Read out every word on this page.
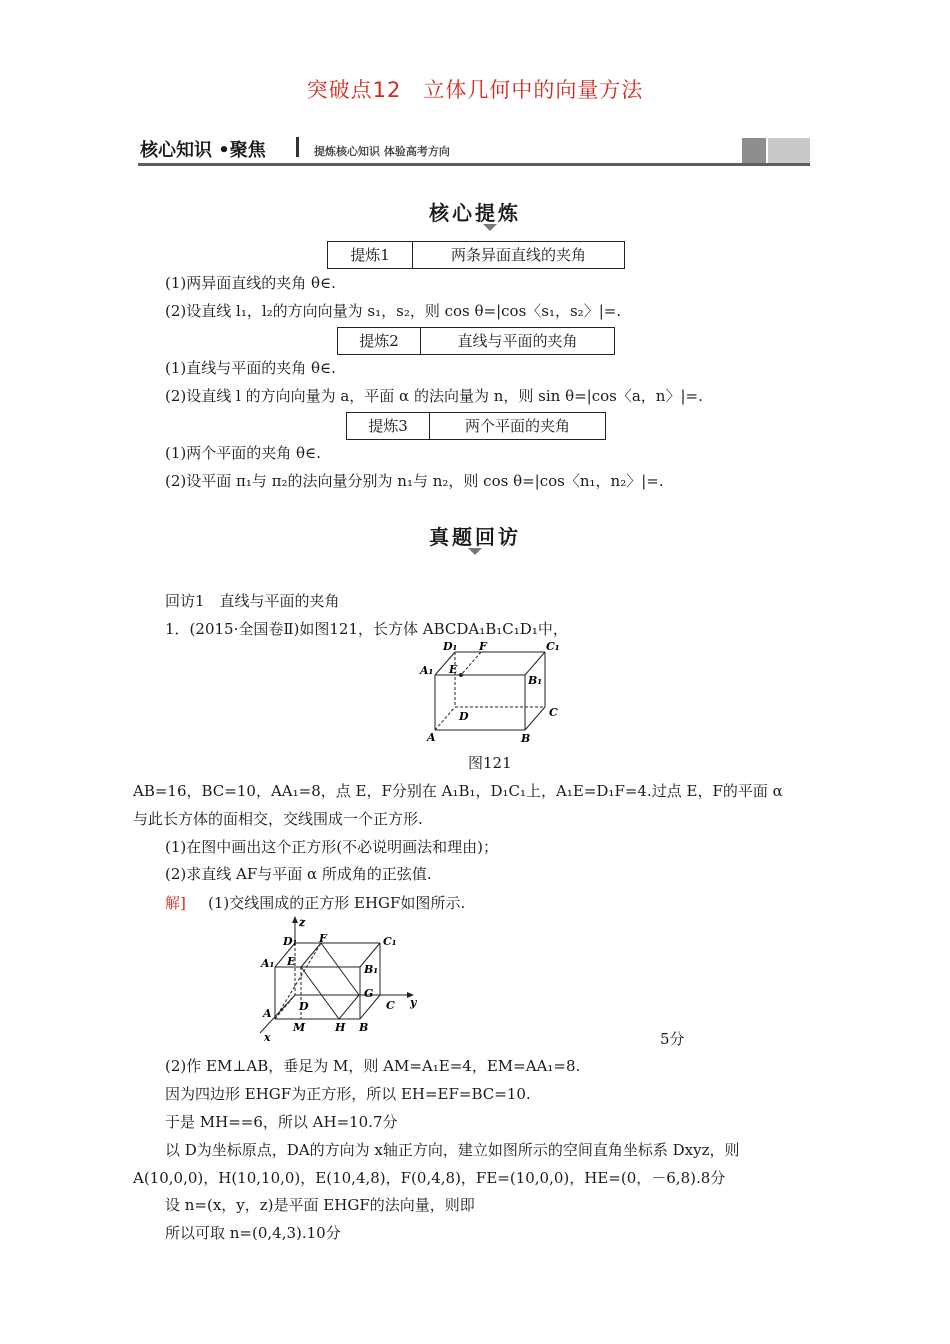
突破点12　立体几何中的向量方法
核心知识 •聚焦	提炼核心知识 体验高考方向
核心提炼
提炼1	两条异面直线的夹角
(1)两异面直线的夹角 θ∈.
(2)设直线 l₁，l₂的方向向量为 s₁，s₂，则 cos θ=|cos〈s₁，s₂〉|=.
提炼2	直线与平面的夹角
(1)直线与平面的夹角 θ∈.
(2)设直线 l 的方向向量为 a，平面 α 的法向量为 n，则 sin θ=|cos〈a，n〉|=.
提炼3	两个平面的夹角
(1)两个平面的夹角 θ∈.
(2)设平面 π₁与 π₂的法向量分别为 n₁与 n₂，则 cos θ=|cos〈n₁，n₂〉|=.
真题回访
回访1　直线与平面的夹角
1．(2015·全国卷Ⅱ)如图121，长方体 ABCDA₁B₁C₁D₁中，
D₁ F	C₁
A₁ E
B₁
D	C
A	B
图121
AB=16，BC=10，AA₁=8，点 E，F分别在 A₁B₁，D₁C₁上，A₁E=D₁F=4.过点 E，F的平面 α
与此长方体的面相交，交线围成一个正方形.
(1)在图中画出这个正方形(不必说明画法和理由)；
(2)求直线 AF与平面 α 所成角的正弦值.
解] (1)交线围成的正方形 EHGF如图所示.
z
D₁ F	C₁
A₁ E
B₁
G
y
D	C
A
M	H B
x	5分
(2)作 EM⊥AB，垂足为 M，则 AM=A₁E=4，EM=AA₁=8.
因为四边形 EHGF为正方形，所以 EH=EF=BC=10.
于是 MH==6，所以 AH=10.7分
以 D为坐标原点，DA的方向为 x轴正方向，建立如图所示的空间直角坐标系 Dxyz，则
A(10,0,0)，H(10,10,0)，E(10,4,8)，F(0,4,8)，FE=(10,0,0)，HE=(0，－6,8).8分
设 n=(x，y，z)是平面 EHGF的法向量，则即
所以可取 n=(0,4,3).10分
